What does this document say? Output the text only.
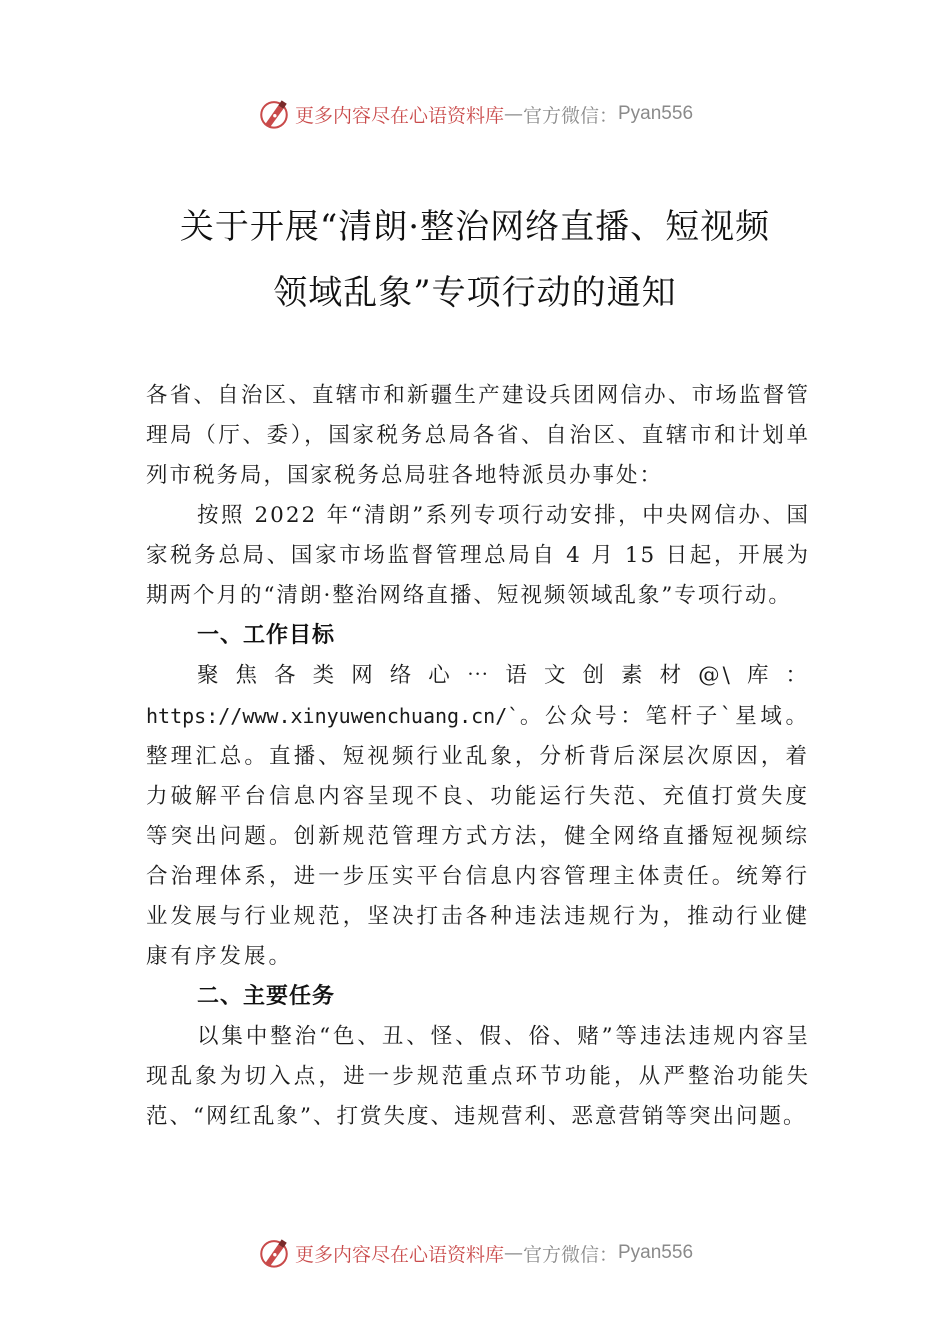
更多内容尽在心语资料库 — 官方微信： Pyan556
关于开展“清朗·整治网络直播、短视频
领域乱象”专项行动的通知

各省、自治区、直辖市和新疆生产建设兵团网信办、市场监督管理局（厅、委），国家税务总局各省、自治区、直辖市和计划单列市税务局，国家税务总局驻各地特派员办事处：

按照 2022 年“清朗”系列专项行动安排，中央网信办、国家税务总局、国家市场监督管理总局自 4 月 15 日起，开展为期两个月的“清朗·整治网络直播、短视频领域乱象”专项行动。

一、工作目标

聚焦各类网络心⋯语文创素材@\库：https://www.xinyuwenchuang.cn/`。公众号：笔杆子`星域。整理汇总。直播、短视频行业乱象，分析背后深层次原因，着力破解平台信息内容呈现不良、功能运行失范、充值打赏失度等突出问题。创新规范管理方式方法，健全网络直播短视频综合治理体系，进一步压实平台信息内容管理主体责任。统筹行业发展与行业规范，坚决打击各种违法违规行为，推动行业健康有序发展。

二、主要任务

以集中整治“色、丑、怪、假、俗、赌”等违法违规内容呈现乱象为切入点，进一步规范重点环节功能，从严整治功能失范、“网红乱象”、打赏失度、违规营利、恶意营销等突出问题。

更多内容尽在心语资料库 — 官方微信： Pyan556
